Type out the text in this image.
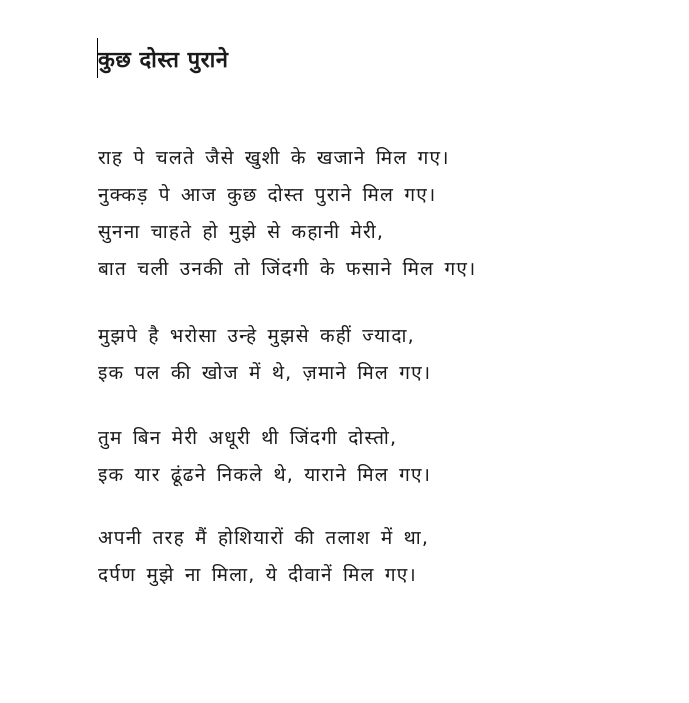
कुछ दोस्त पुराने
राह पे चलते जैसे खुशी के खजाने मिल गए।
नुक्कड़ पे आज कुछ दोस्त पुराने मिल गए।
सुनना चाहते हो मुझे से कहानी मेरी,
बात चली उनकी तो जिंदगी के फसाने मिल गए।
मुझपे है भरोसा उन्हे मुझसे कहीं ज्यादा,
इक पल की खोज में थे, ज़माने मिल गए।
तुम बिन मेरी अधूरी थी जिंदगी दोस्तो,
इक यार ढूंढने निकले थे, याराने मिल गए।
अपनी तरह मैं होशियारों की तलाश में था,
दर्पण मुझे ना मिला, ये दीवानें मिल गए।
